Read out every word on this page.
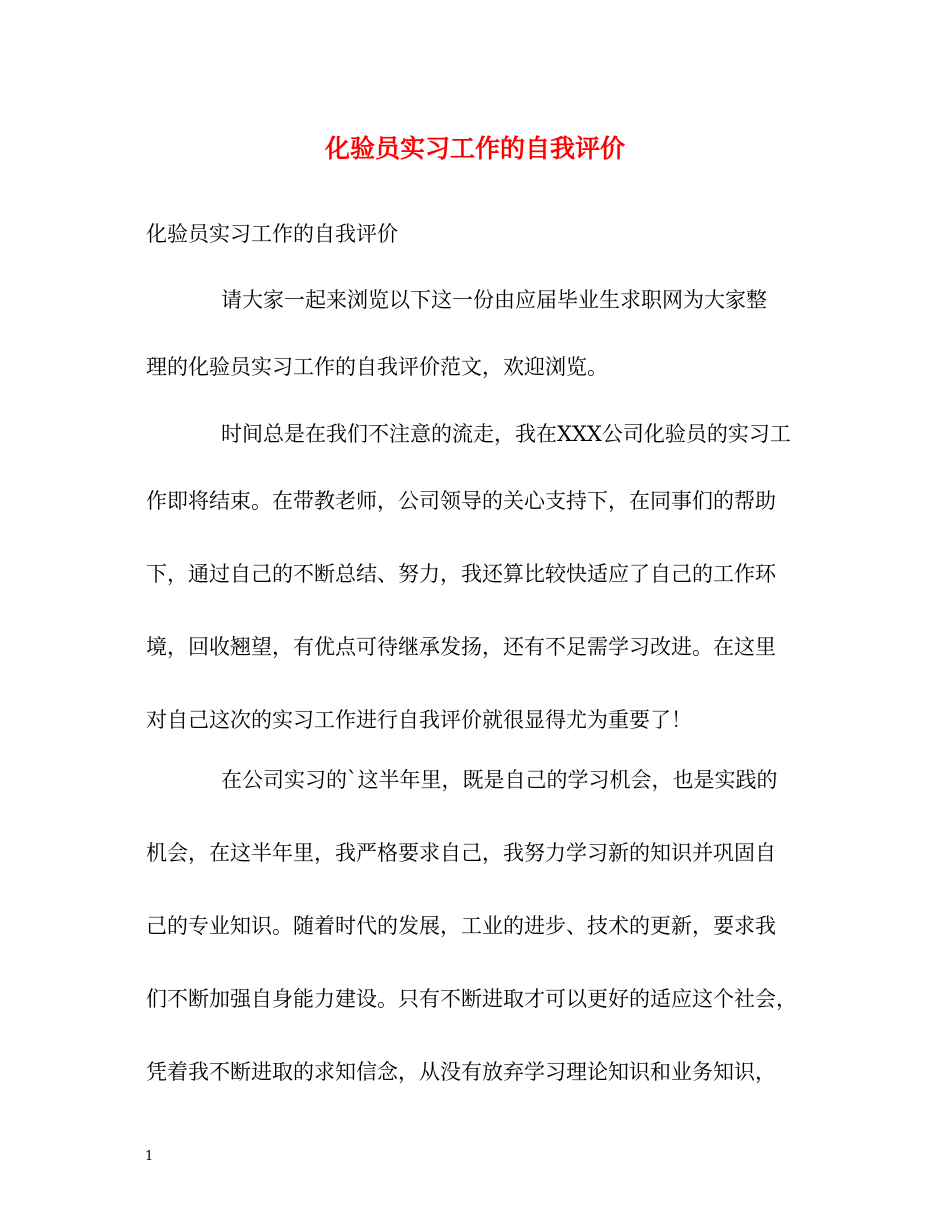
化验员实习工作的自我评价
化验员实习工作的自我评价
请大家一起来浏览以下这一份由应届毕业生求职网为大家整
理的化验员实习工作的自我评价范文，欢迎浏览。
时间总是在我们不注意的流走，我在XXX公司化验员的实习工
作即将结束。在带教老师，公司领导的关心支持下，在同事们的帮助
下，通过自己的不断总结、努力，我还算比较快适应了自己的工作环
境，回收翘望，有优点可待继承发扬，还有不足需学习改进。在这里
对自己这次的实习工作进行自我评价就很显得尤为重要了！
在公司实习的`这半年里，既是自己的学习机会，也是实践的
机会，在这半年里，我严格要求自己，我努力学习新的知识并巩固自
己的专业知识。随着时代的发展，工业的进步、技术的更新，要求我
们不断加强自身能力建设。只有不断进取才可以更好的适应这个社会，
凭着我不断进取的求知信念，从没有放弃学习理论知识和业务知识，
1
